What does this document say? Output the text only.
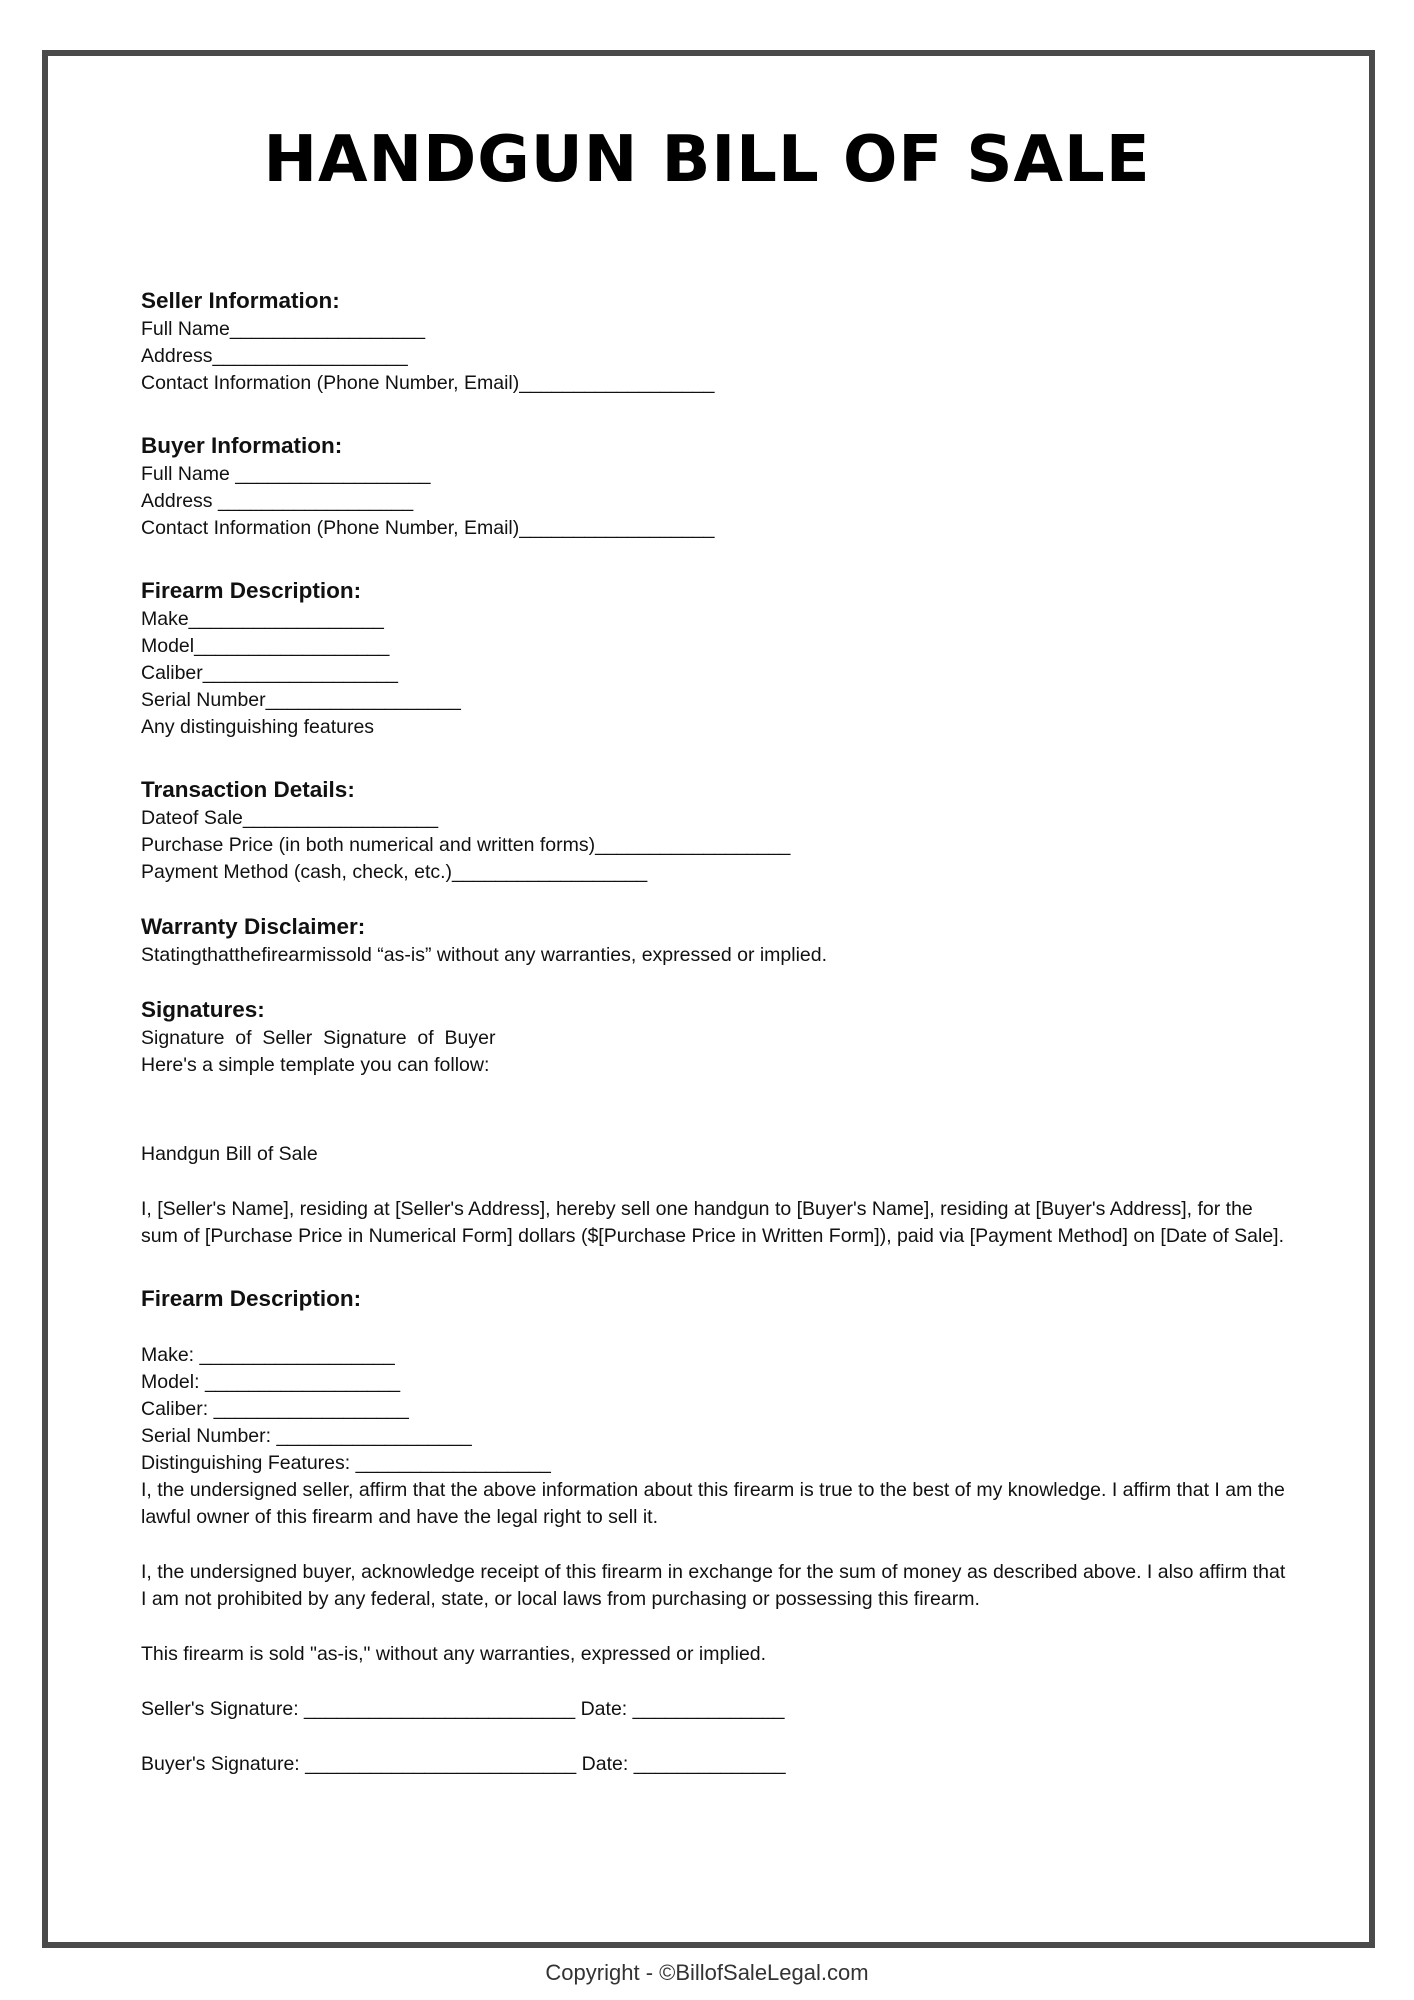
HANDGUN BILL OF SALE

Seller Information:

Full Name__________________

Address__________________

Contact Information (Phone Number, Email)__________________

Buyer Information:

Full Name __________________

Address __________________

Contact Information (Phone Number, Email)__________________

Firearm Description:

Make__________________

Model__________________

Caliber__________________

Serial Number__________________

Any distinguishing features

Transaction Details:

Dateof Sale__________________

Purchase Price (in both numerical and written forms)__________________

Payment Method (cash, check, etc.)__________________

Warranty Disclaimer:

Statingthatthefirearmissold “as-is” without any warranties, expressed or implied.

Signatures:

Signature  of  Seller  Signature  of  Buyer

Here's a simple template you can follow:

Handgun Bill of Sale

I, [Seller's Name], residing at [Seller's Address], hereby sell one handgun to [Buyer's Name], residing at [Buyer's Address], for the sum of [Purchase Price in Numerical Form] dollars ($[Purchase Price in Written Form]), paid via [Payment Method] on [Date of Sale].

Firearm Description:

Make: __________________

Model: __________________

Caliber: __________________

Serial Number: __________________

Distinguishing Features: __________________

I, the undersigned seller, affirm that the above information about this firearm is true to the best of my knowledge. I affirm that I am the lawful owner of this firearm and have the legal right to sell it.

I, the undersigned buyer, acknowledge receipt of this firearm in exchange for the sum of money as described above. I also affirm that I am not prohibited by any federal, state, or local laws from purchasing or possessing this firearm.

This firearm is sold "as-is," without any warranties, expressed or implied.

Seller's Signature: _________________________ Date: ______________

Buyer's Signature: _________________________ Date: ______________

Copyright - ©BillofSaleLegal.com
